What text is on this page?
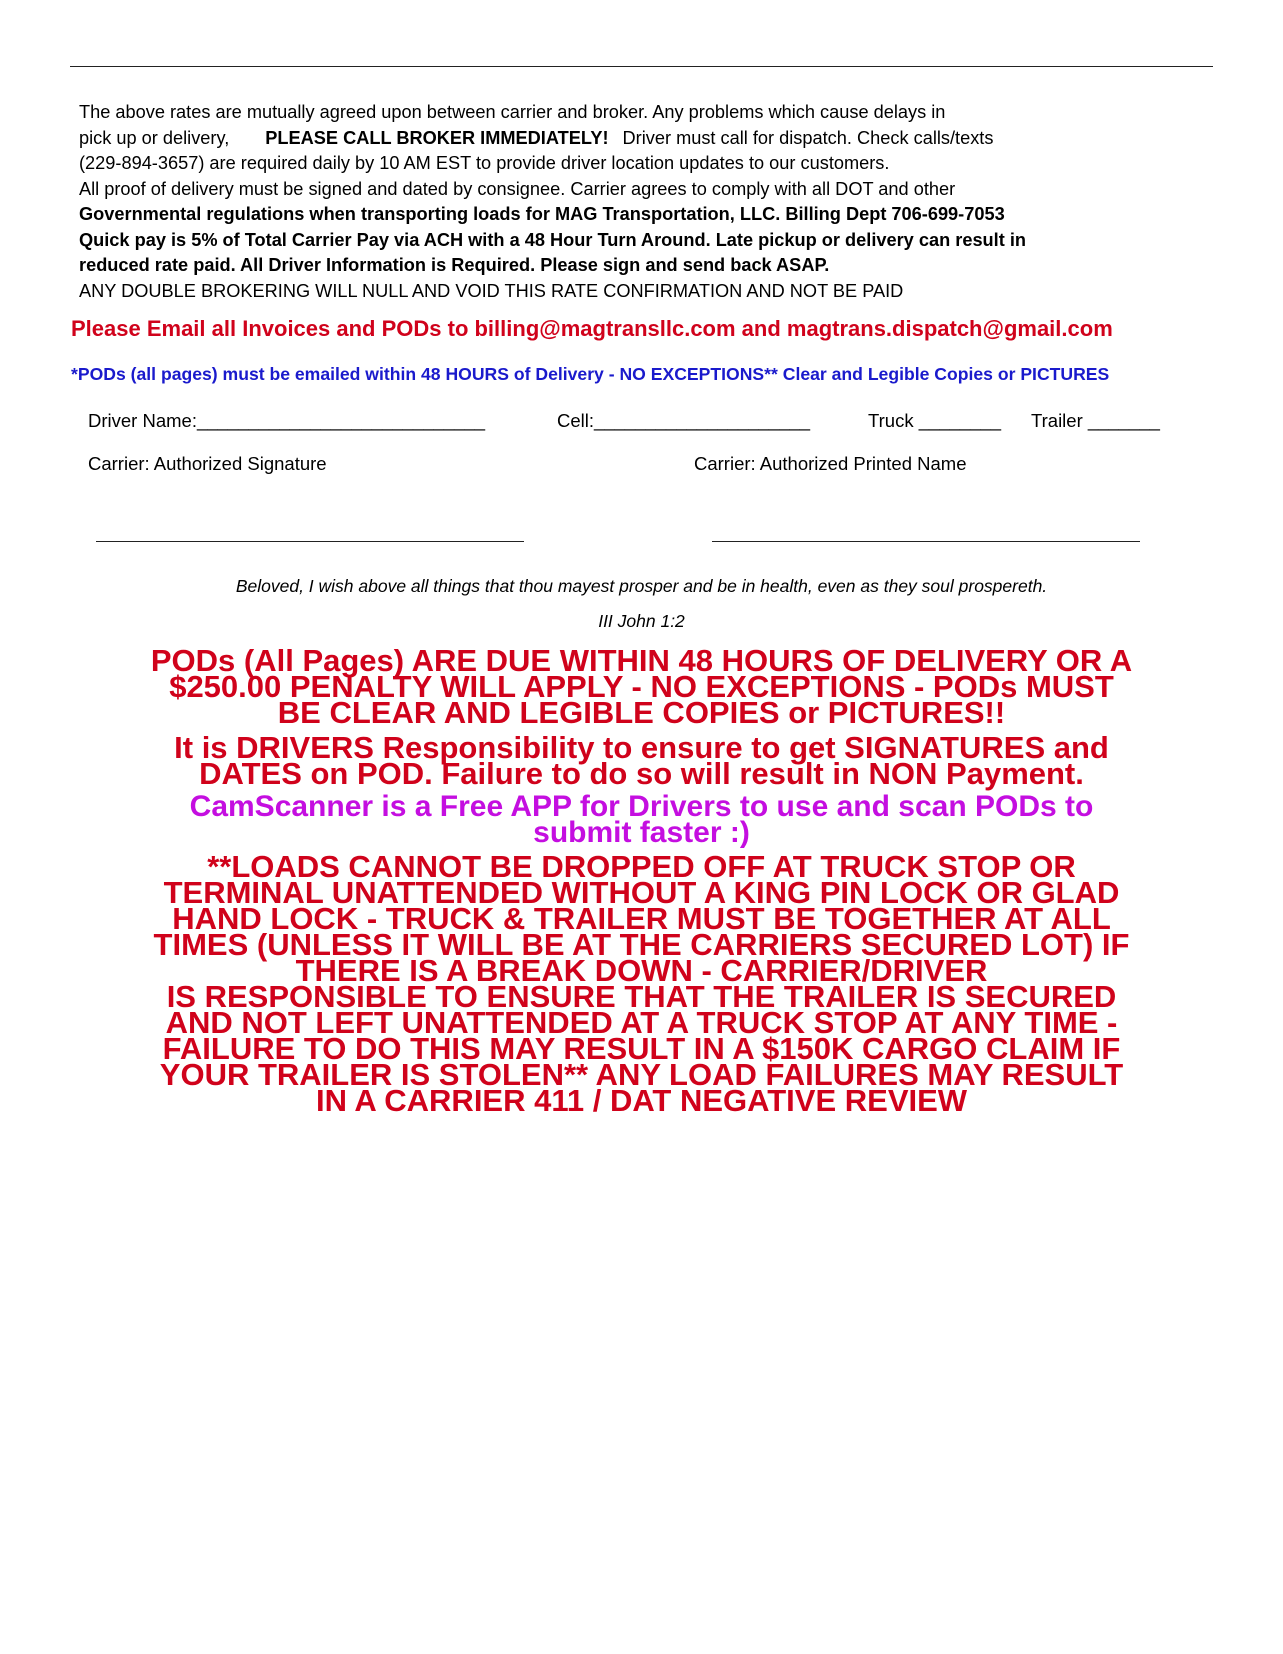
The above rates are mutually agreed upon between carrier and broker. Any problems which cause delays in
pick up or delivery, PLEASE CALL BROKER IMMEDIATELY! Driver must call for dispatch. Check calls/texts
(229-894-3657) are required daily by 10 AM EST to provide driver location updates to our customers.
All proof of delivery must be signed and dated by consignee. Carrier agrees to comply with all DOT and other
Governmental regulations when transporting loads for MAG Transportation, LLC. Billing Dept 706-699-7053
Quick pay is 5% of Total Carrier Pay via ACH with a 48 Hour Turn Around. Late pickup or delivery can result in
reduced rate paid. All Driver Information is Required. Please sign and send back ASAP.
ANY DOUBLE BROKERING WILL NULL AND VOID THIS RATE CONFIRMATION AND NOT BE PAID
Please Email all Invoices and PODs to billing@magtransllc.com and magtrans.dispatch@gmail.com
*PODs (all pages) must be emailed within 48 HOURS of Delivery - NO EXCEPTIONS** Clear and Legible Copies or PICTURES
Driver Name:____________________________	Cell:_____________________	Truck ________ Trailer _______
Carrier: Authorized Signature	Carrier: Authorized Printed Name
Beloved, I wish above all things that thou mayest prosper and be in health, even as they soul prospereth.
III John 1:2
PODs (All Pages) ARE DUE WITHIN 48 HOURS OF DELIVERY OR A
$250.00 PENALTY WILL APPLY - NO EXCEPTIONS - PODs MUST
BE CLEAR AND LEGIBLE COPIES or PICTURES!!
It is DRIVERS Responsibility to ensure to get SIGNATURES and
DATES on POD. Failure to do so will result in NON Payment.
CamScanner is a Free APP for Drivers to use and scan PODs to
submit faster :)
**LOADS CANNOT BE DROPPED OFF AT TRUCK STOP OR
TERMINAL UNATTENDED WITHOUT A KING PIN LOCK OR GLAD
HAND LOCK - TRUCK & TRAILER MUST BE TOGETHER AT ALL
TIMES (UNLESS IT WILL BE AT THE CARRIERS SECURED LOT) IF
THERE IS A BREAK DOWN - CARRIER/DRIVER
IS RESPONSIBLE TO ENSURE THAT THE TRAILER IS SECURED
AND NOT LEFT UNATTENDED AT A TRUCK STOP AT ANY TIME -
FAILURE TO DO THIS MAY RESULT IN A $150K CARGO CLAIM IF
YOUR TRAILER IS STOLEN** ANY LOAD FAILURES MAY RESULT
IN A CARRIER 411 / DAT NEGATIVE REVIEW
